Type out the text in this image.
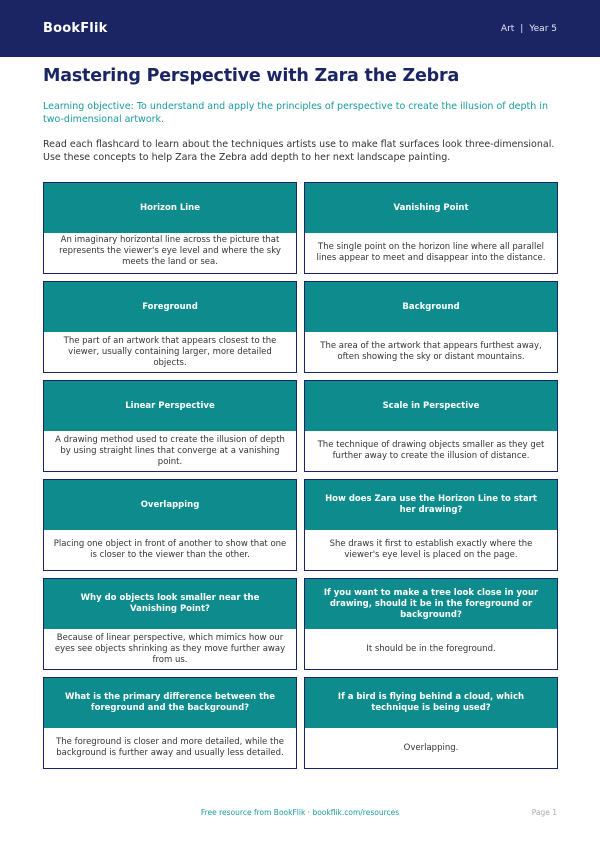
BookFlik	Art | Year 5
Mastering Perspective with Zara the Zebra

Learning objective: To understand and apply the principles of perspective to create the illusion of depth in two-dimensional artwork.

Read each flashcard to learn about the techniques artists use to make flat surfaces look three-dimensional. Use these concepts to help Zara the Zebra add depth to her next landscape painting.

Horizon Line
An imaginary horizontal line across the picture that represents the viewer's eye level and where the sky meets the land or sea.
Vanishing Point
The single point on the horizon line where all parallel lines appear to meet and disappear into the distance.
Foreground
The part of an artwork that appears closest to the viewer, usually containing larger, more detailed objects.
Background
The area of the artwork that appears furthest away, often showing the sky or distant mountains.
Linear Perspective
A drawing method used to create the illusion of depth by using straight lines that converge at a vanishing point.
Scale in Perspective
The technique of drawing objects smaller as they get further away to create the illusion of distance.
Overlapping
Placing one object in front of another to show that one is closer to the viewer than the other.
How does Zara use the Horizon Line to start her drawing?
She draws it first to establish exactly where the viewer's eye level is placed on the page.
Why do objects look smaller near the Vanishing Point?
Because of linear perspective, which mimics how our eyes see objects shrinking as they move further away from us.
If you want to make a tree look close in your drawing, should it be in the foreground or background?
It should be in the foreground.
What is the primary difference between the foreground and the background?
The foreground is closer and more detailed, while the background is further away and usually less detailed.
If a bird is flying behind a cloud, which technique is being used?
Overlapping.
Free resource from BookFlik · bookflik.com/resources	Page 1
